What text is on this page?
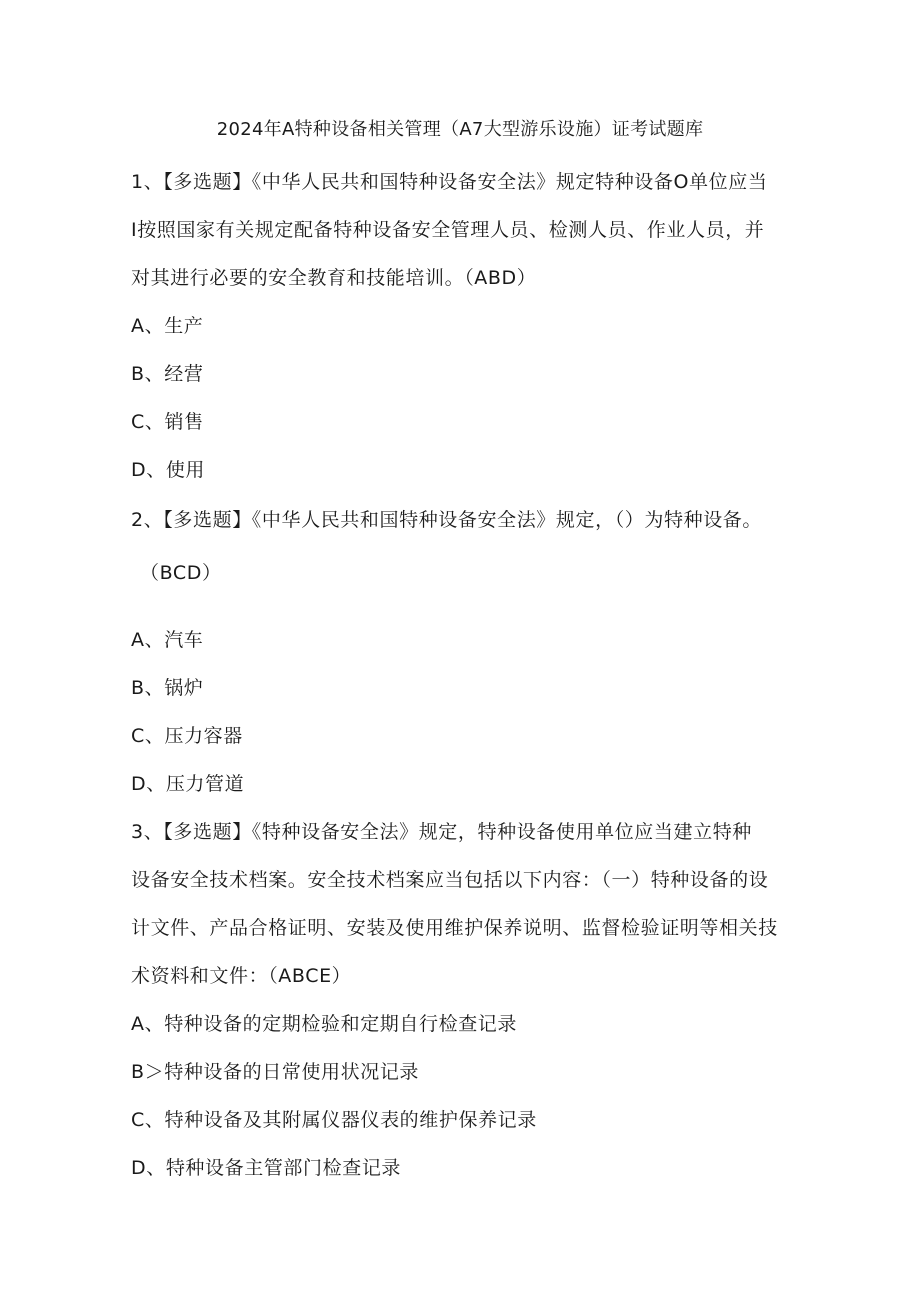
2024年A特种设备相关管理（A7大型游乐设施）证考试题库
1、【多选题】《中华人民共和国特种设备安全法》规定特种设备O单位应当
I按照国家有关规定配备特种设备安全管理人员、检测人员、作业人员，并
对其进行必要的安全教育和技能培训。（ABD）
A、生产
B、经营
C、销售
D、使用
2、【多选题】《中华人民共和国特种设备安全法》规定，（）为特种设备。
（BCD）
A、汽车
B、锅炉
C、压力容器
D、压力管道
3、【多选题】《特种设备安全法》规定，特种设备使用单位应当建立特种
设备安全技术档案。安全技术档案应当包括以下内容：（一）特种设备的设
计文件、产品合格证明、安装及使用维护保养说明、监督检验证明等相关技
术资料和文件：（ABCE）
A、特种设备的定期检验和定期自行检查记录
B＞特种设备的日常使用状况记录
C、特种设备及其附属仪器仪表的维护保养记录
D、特种设备主管部门检查记录
